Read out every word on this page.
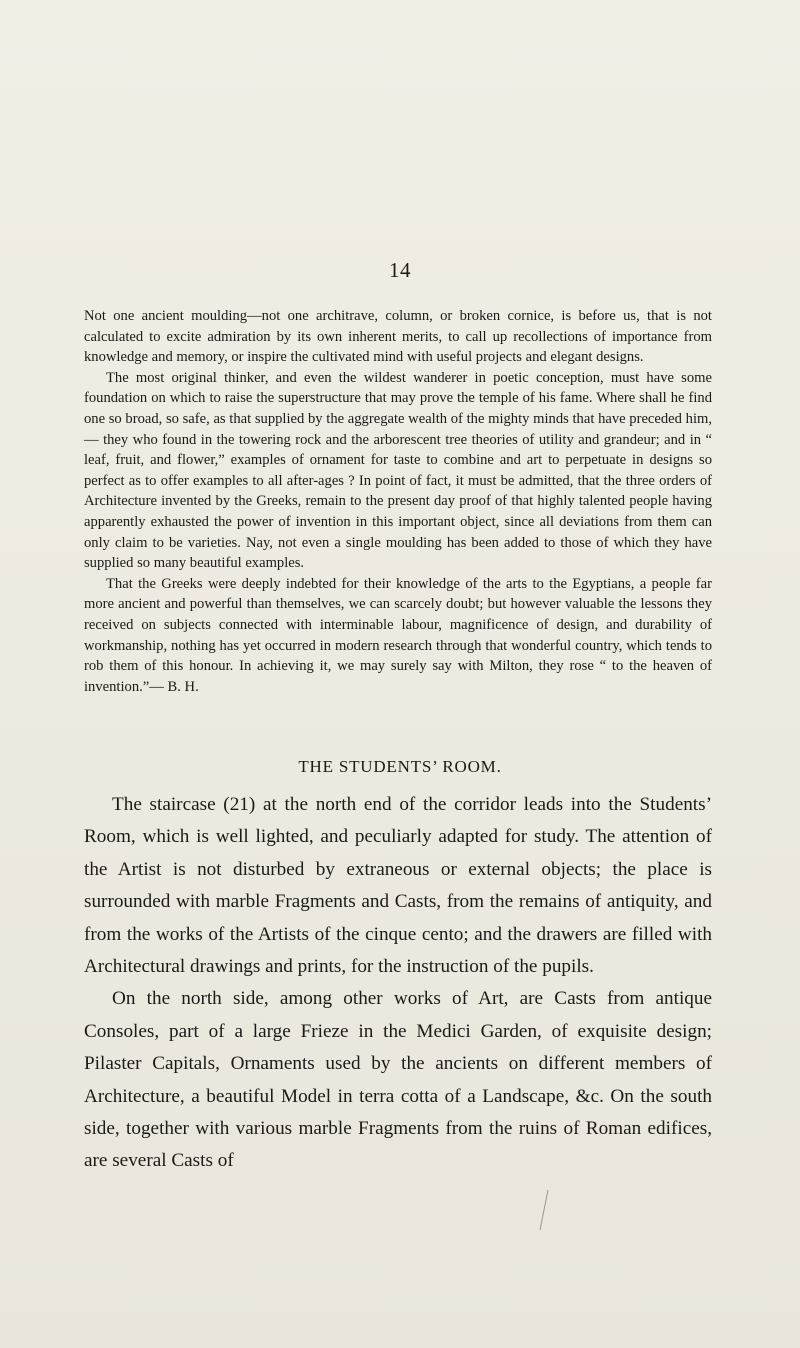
14

Not one ancient moulding—not one architrave, column, or broken cornice, is before us, that is not calculated to excite admiration by its own inherent merits, to call up recollections of importance from knowledge and memory, or inspire the cultivated mind with useful projects and elegant designs.

The most original thinker, and even the wildest wanderer in poetic conception, must have some foundation on which to raise the superstructure that may prove the temple of his fame. Where shall he find one so broad, so safe, as that supplied by the aggregate wealth of the mighty minds that have preceded him,— they who found in the towering rock and the arborescent tree theories of utility and grandeur; and in “ leaf, fruit, and flower,” examples of ornament for taste to combine and art to perpetuate in designs so perfect as to offer examples to all after-ages ? In point of fact, it must be admitted, that the three orders of Architecture invented by the Greeks, remain to the present day proof of that highly talented people having apparently exhausted the power of invention in this important object, since all deviations from them can only claim to be varieties. Nay, not even a single moulding has been added to those of which they have supplied so many beautiful examples.

That the Greeks were deeply indebted for their knowledge of the arts to the Egyptians, a people far more ancient and powerful than themselves, we can scarcely doubt; but however valuable the lessons they received on subjects connected with interminable labour, magnificence of design, and durability of workmanship, nothing has yet occurred in modern research through that wonderful country, which tends to rob them of this honour. In achieving it, we may surely say with Milton, they rose “ to the heaven of invention.”— B. H.

THE STUDENTS’ ROOM.

The staircase (21) at the north end of the corridor leads into the Students’ Room, which is well lighted, and peculiarly adapted for study. The attention of the Artist is not disturbed by extraneous or external objects; the place is surrounded with marble Fragments and Casts, from the remains of antiquity, and from the works of the Artists of the cinque cento; and the drawers are filled with Architectural drawings and prints, for the instruction of the pupils.

On the north side, among other works of Art, are Casts from antique Consoles, part of a large Frieze in the Medici Garden, of exquisite design; Pilaster Capitals, Ornaments used by the ancients on different members of Architecture, a beautiful Model in terra cotta of a Landscape, &c. On the south side, together with various marble Fragments from the ruins of Roman edifices, are several Casts of
